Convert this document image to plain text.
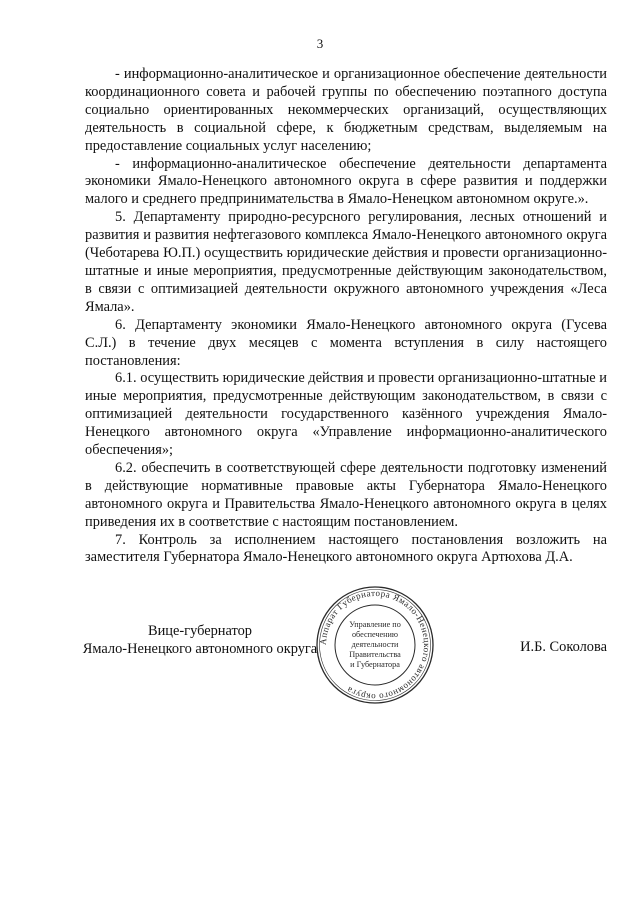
3

- информационно-аналитическое и организационное обеспечение деятельности координационного совета и рабочей группы по обеспечению поэтапного доступа социально ориентированных некоммерческих организаций, осуществляющих деятельность в социальной сфере, к бюджетным средствам, выделяемым на предоставление социальных услуг населению;

- информационно-аналитическое обеспечение деятельности департамента экономики Ямало-Ненецкого автономного округа в сфере развития и поддержки малого и среднего предпринимательства в Ямало-Ненецком автономном округе.».

5. Департаменту природно-ресурсного регулирования, лесных отношений и развития и развития нефтегазового комплекса Ямало-Ненецкого автономного округа (Чеботарева Ю.П.) осуществить юридические действия и провести организационно-штатные и иные мероприятия, предусмотренные действующим законодательством, в связи с оптимизацией деятельности окружного автономного учреждения «Леса Ямала».

6. Департаменту экономики Ямало-Ненецкого автономного округа (Гусева С.Л.) в течение двух месяцев с момента вступления в силу настоящего постановления:

6.1. осуществить юридические действия и провести организационно-штатные и иные мероприятия, предусмотренные действующим законодательством, в связи с оптимизацией деятельности государственного казённого учреждения Ямало-Ненецкого автономного округа «Управление информационно-аналитического обеспечения»;

6.2. обеспечить в соответствующей сфере деятельности подготовку изменений в действующие нормативные правовые акты Губернатора Ямало-Ненецкого автономного округа и Правительства Ямало-Ненецкого автономного округа в целях приведения их в соответствие с настоящим постановлением.

7. Контроль за исполнением настоящего постановления возложить на заместителя Губернатора Ямало-Ненецкого автономного округа Артюхова Д.А.

Вице-губернатор
Ямало-Ненецкого автономного округа Аппарат Губернатора Ямало-Ненецкого автономного округа
Управление по
обеспечению
деятельности
Правительства
и Губернатора
И.Б. Соколова
